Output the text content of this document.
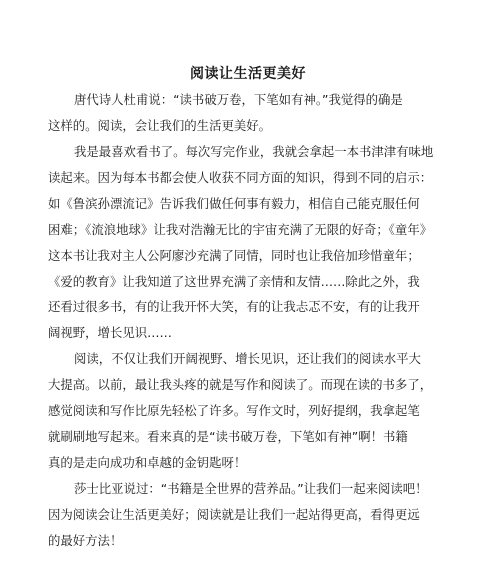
阅读让生活更美好

唐代诗人杜甫说：“读书破万卷，下笔如有神。”我觉得的确是
这样的。阅读，会让我们的生活更美好。

我是最喜欢看书了。每次写完作业，我就会拿起一本书津津有味地
读起来。因为每本书都会使人收获不同方面的知识，得到不同的启示：
如《鲁滨孙漂流记》告诉我们做任何事有毅力，相信自己能克服任何
困难；《流浪地球》让我对浩瀚无比的宇宙充满了无限的好奇；《童年》
这本书让我对主人公阿廖沙充满了同情，同时也让我倍加珍惜童年；
《爱的教育》让我知道了这世界充满了亲情和友情……除此之外，我
还看过很多书，有的让我开怀大笑，有的让我忐忑不安，有的让我开
阔视野，增长见识……

阅读，不仅让我们开阔视野、增长见识，还让我们的阅读水平大
大提高。以前，最让我头疼的就是写作和阅读了。而现在读的书多了，
感觉阅读和写作比原先轻松了许多。写作文时，列好提纲，我拿起笔
就刷刷地写起来。看来真的是“读书破万卷，下笔如有神”啊！书籍
真的是走向成功和卓越的金钥匙呀！

莎士比亚说过：“书籍是全世界的营养品。”让我们一起来阅读吧！
因为阅读会让生活更美好；阅读就是让我们一起站得更高，看得更远
的最好方法！
